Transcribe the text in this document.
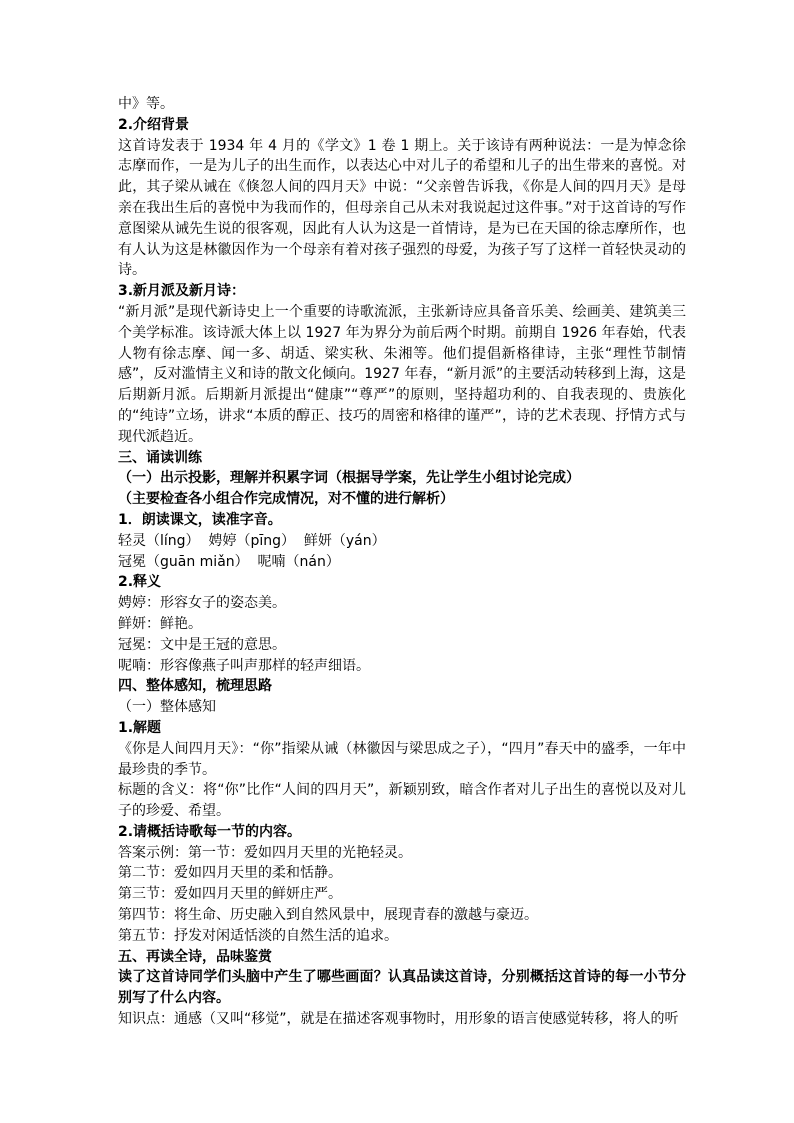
中》等。

2.介绍背景

这首诗发表于 1934 年 4 月的《学文》1 卷 1 期上。关于该诗有两种说法：一是为悼念徐志摩而作，一是为儿子的出生而作，以表达心中对儿子的希望和儿子的出生带来的喜悦。对此，其子梁从诫在《倏忽人间的四月天》中说：“父亲曾告诉我，《你是人间的四月天》是母亲在我出生后的喜悦中为我而作的，但母亲自己从未对我说起过这件事。”对于这首诗的写作意图梁从诫先生说的很客观，因此有人认为这是一首情诗，是为已在天国的徐志摩所作，也有人认为这是林徽因作为一个母亲有着对孩子强烈的母爱，为孩子写了这样一首轻快灵动的诗。

3.新月派及新月诗：

“新月派”是现代新诗史上一个重要的诗歌流派，主张新诗应具备音乐美、绘画美、建筑美三个美学标准。该诗派大体上以 1927 年为界分为前后两个时期。前期自 1926 年春始，代表人物有徐志摩、闻一多、胡适、梁实秋、朱湘等。他们提倡新格律诗，主张“理性节制情感”，反对滥情主义和诗的散文化倾向。1927 年春，“新月派”的主要活动转移到上海，这是后期新月派。后期新月派提出“健康”“尊严”的原则，坚持超功利的、自我表现的、贵族化的“纯诗”立场，讲求“本质的醇正、技巧的周密和格律的谨严”，诗的艺术表现、抒情方式与现代派趋近。

三、诵读训练

（一）出示投影，理解并积累字词（根据导学案，先让学生小组讨论完成）

（主要检查各小组合作完成情况，对不懂的进行解析）

1．朗读课文，读准字音。

轻灵（líng）  娉婷（pīng）  鲜妍（yán）

冠冕（guān miǎn）  呢喃（nán）

2.释义

娉婷：形容女子的姿态美。

鲜妍：鲜艳。

冠冕：文中是王冠的意思。

呢喃：形容像燕子叫声那样的轻声细语。

四、整体感知，梳理思路

（一）整体感知

1.解题

《你是人间四月天》：“你”指梁从诫（林徽因与梁思成之子），“四月”春天中的盛季，一年中最珍贵的季节。

标题的含义：将“你”比作“人间的四月天”，新颖别致，暗含作者对儿子出生的喜悦以及对儿子的珍爱、希望。

2.请概括诗歌每一节的内容。

答案示例：第一节：爱如四月天里的光艳轻灵。

第二节：爱如四月天里的柔和恬静。

第三节：爱如四月天里的鲜妍庄严。

第四节：将生命、历史融入到自然风景中，展现青春的激越与豪迈。

第五节：抒发对闲适恬淡的自然生活的追求。

五、再读全诗，品味鉴赏

读了这首诗同学们头脑中产生了哪些画面？认真品读这首诗，分别概括这首诗的每一小节分别写了什么内容。

知识点：通感（又叫“移觉”，就是在描述客观事物时，用形象的语言使感觉转移，将人的听
